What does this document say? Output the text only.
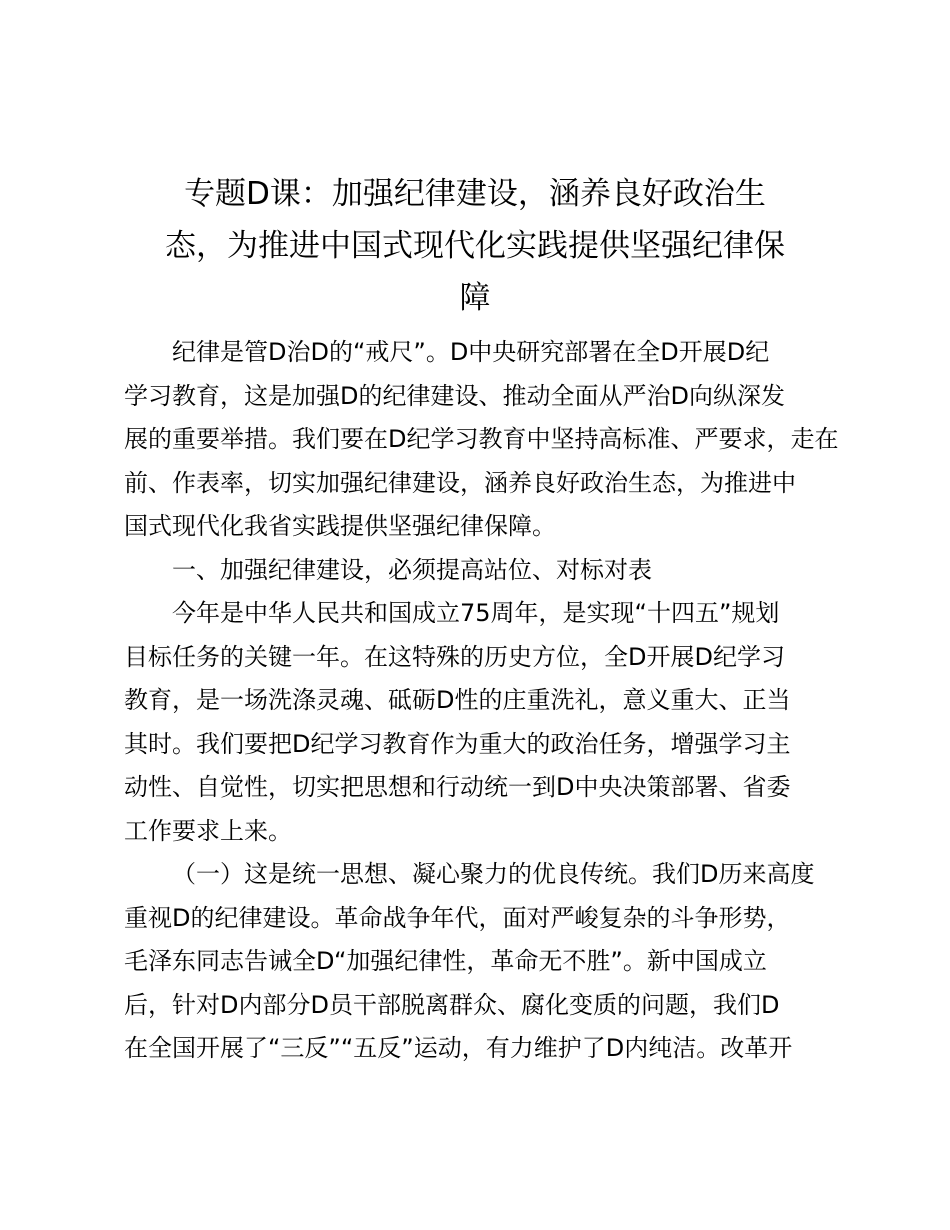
专题D课：加强纪律建设，涵养良好政治生
态，为推进中国式现代化实践提供坚强纪律保
障
纪律是管D治D的“戒尺”。D中央研究部署在全D开展D纪
学习教育，这是加强D的纪律建设、推动全面从严治D向纵深发
展的重要举措。我们要在D纪学习教育中坚持高标准、严要求，走在
前、作表率，切实加强纪律建设，涵养良好政治生态，为推进中
国式现代化我省实践提供坚强纪律保障。
一、加强纪律建设，必须提高站位、对标对表
今年是中华人民共和国成立75周年，是实现“十四五”规划
目标任务的关键一年。在这特殊的历史方位，全D开展D纪学习
教育，是一场洗涤灵魂、砥砺D性的庄重洗礼，意义重大、正当
其时。我们要把D纪学习教育作为重大的政治任务，增强学习主
动性、自觉性，切实把思想和行动统一到D中央决策部署、省委
工作要求上来。
（一）这是统一思想、凝心聚力的优良传统。我们D历来高度
重视D的纪律建设。革命战争年代，面对严峻复杂的斗争形势，
毛泽东同志告诫全D“加强纪律性，革命无不胜”。新中国成立
后，针对D内部分D员干部脱离群众、腐化变质的问题，我们D
在全国开展了“三反”“五反”运动，有力维护了D内纯洁。改革开
